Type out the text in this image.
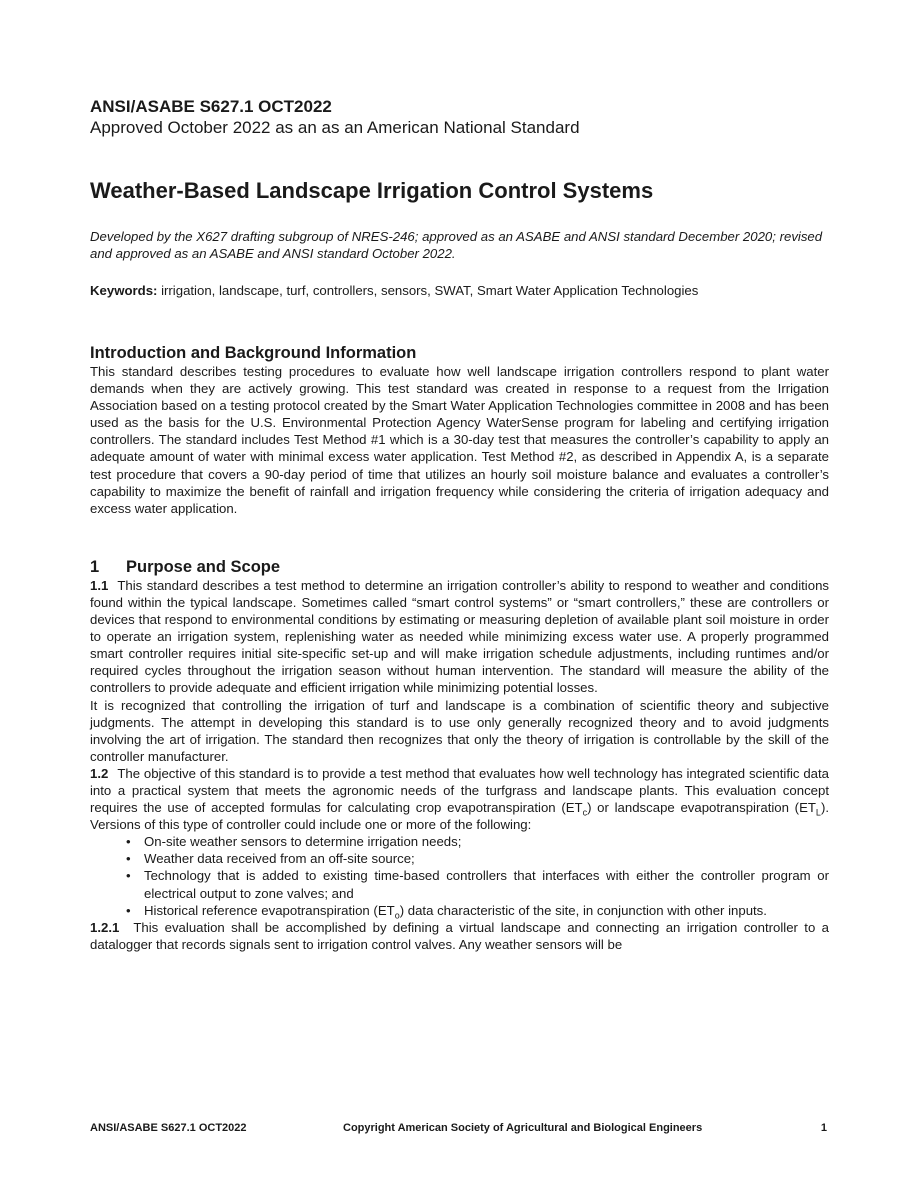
ANSI/ASABE S627.1 OCT2022

Approved October 2022 as an as an American National Standard

Weather-Based Landscape Irrigation Control Systems

Developed by the X627 drafting subgroup of NRES-246; approved as an ASABE and ANSI standard December 2020; revised and approved as an ASABE and ANSI standard October 2022.

Keywords: irrigation, landscape, turf, controllers, sensors, SWAT, Smart Water Application Technologies

Introduction and Background Information

This standard describes testing procedures to evaluate how well landscape irrigation controllers respond to plant water demands when they are actively growing. This test standard was created in response to a request from the Irrigation Association based on a testing protocol created by the Smart Water Application Technologies committee in 2008 and has been used as the basis for the U.S. Environmental Protection Agency WaterSense program for labeling and certifying irrigation controllers. The standard includes Test Method #1 which is a 30-day test that measures the controller’s capability to apply an adequate amount of water with minimal excess water application. Test Method #2, as described in Appendix A, is a separate test procedure that covers a 90-day period of time that utilizes an hourly soil moisture balance and evaluates a controller’s capability to maximize the benefit of rainfall and irrigation frequency while considering the criteria of irrigation adequacy and excess water application.

1 Purpose and Scope

1.1 This standard describes a test method to determine an irrigation controller’s ability to respond to weather and conditions found within the typical landscape. Sometimes called “smart control systems” or “smart controllers,” these are controllers or devices that respond to environmental conditions by estimating or measuring depletion of available plant soil moisture in order to operate an irrigation system, replenishing water as needed while minimizing excess water use. A properly programmed smart controller requires initial site-specific set-up and will make irrigation schedule adjustments, including runtimes and/or required cycles throughout the irrigation season without human intervention. The standard will measure the ability of the controllers to provide adequate and efficient irrigation while minimizing potential losses.

It is recognized that controlling the irrigation of turf and landscape is a combination of scientific theory and subjective judgments. The attempt in developing this standard is to use only generally recognized theory and to avoid judgments involving the art of irrigation. The standard then recognizes that only the theory of irrigation is controllable by the skill of the controller manufacturer.

1.2 The objective of this standard is to provide a test method that evaluates how well technology has integrated scientific data into a practical system that meets the agronomic needs of the turfgrass and landscape plants. This evaluation concept requires the use of accepted formulas for calculating crop evapotranspiration $(ET_c)$ or landscape evapotranspiration $(ET_L)$. Versions of this type of controller could include one or more of the following:

• On-site weather sensors to determine irrigation needs;
• Weather data received from an off-site source;
• Technology that is added to existing time-based controllers that interfaces with either the controller program or electrical output to zone valves; and
• Historical reference evapotranspiration $(ET_o)$ data characteristic of the site, in conjunction with other inputs.

1.2.1 This evaluation shall be accomplished by defining a virtual landscape and connecting an irrigation controller to a datalogger that records signals sent to irrigation control valves. Any weather sensors will be

ANSI/ASABE S627.1 OCT2022	Copyright American Society of Agricultural and Biological Engineers	1
